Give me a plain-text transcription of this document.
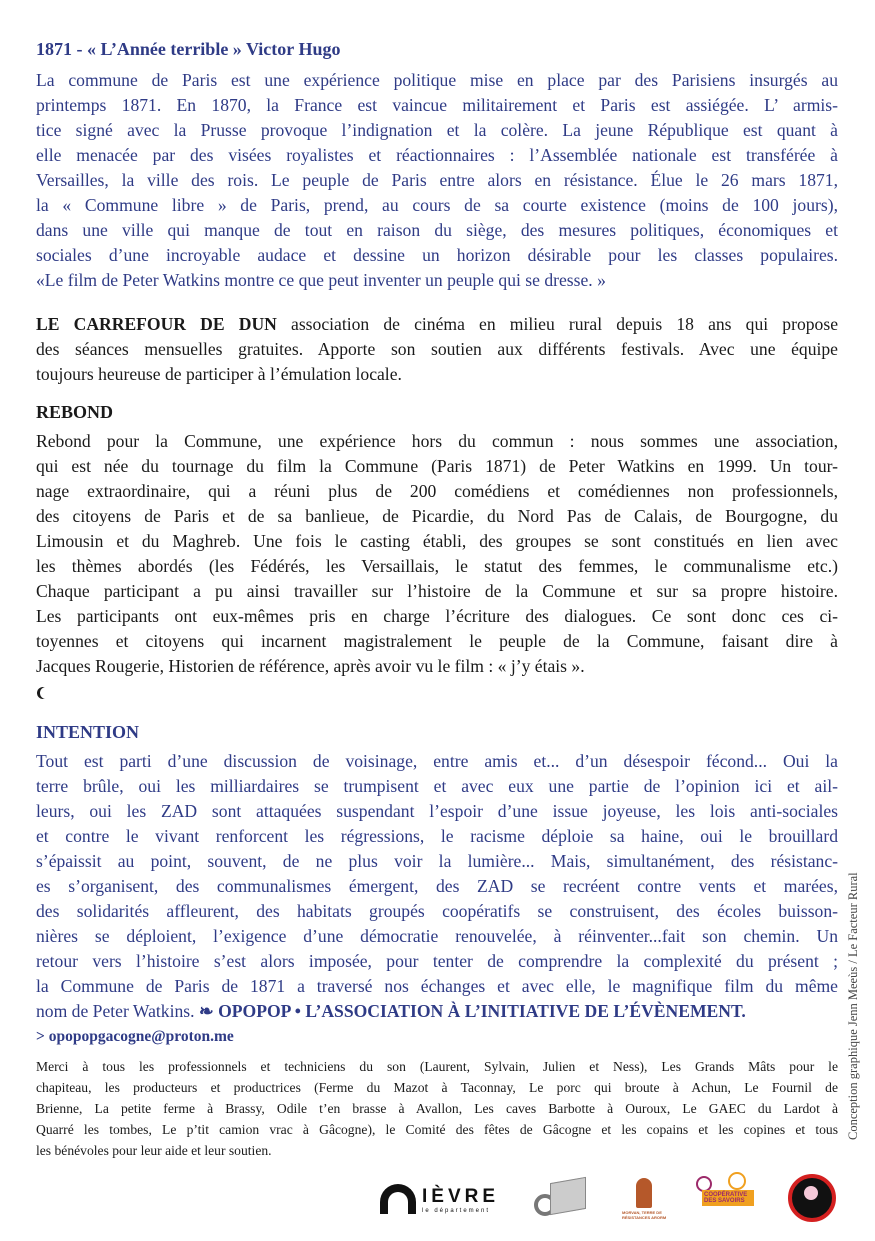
1871 - « L’Année terrible » Victor Hugo
La commune de Paris est une expérience politique mise en place par des Parisiens insurgés au
printemps 1871. En 1870, la France est vaincue militairement et Paris est assiégée. L’ armis-
tice signé avec la Prusse provoque l’indignation et la colère. La jeune République est quant à
elle menacée par des visées royalistes et réactionnaires : l’Assemblée nationale est transférée à
Versailles, la ville des rois. Le peuple de Paris entre alors en résistance. Élue le 26 mars 1871,
la « Commune libre » de Paris, prend, au cours de sa courte existence (moins de 100 jours),
dans une ville qui manque de tout en raison du siège, des mesures politiques, économiques et
sociales d’une incroyable audace et dessine un horizon désirable pour les classes populaires.
«Le film de Peter Watkins montre ce que peut inventer un peuple qui se dresse. »
LE CARREFOUR DE DUN association de cinéma en milieu rural depuis 18 ans qui propose
des séances mensuelles gratuites. Apporte son soutien aux différents festivals. Avec une équipe
toujours heureuse de participer à l’émulation locale.
REBOND
Rebond pour la Commune, une expérience hors du commun : nous sommes une association,
qui est née du tournage du film la Commune (Paris 1871) de Peter Watkins en 1999. Un tour-
nage extraordinaire, qui a réuni plus de 200 comédiens et comédiennes non professionnels,
des citoyens de Paris et de sa banlieue, de Picardie, du Nord Pas de Calais, de Bourgogne, du
Limousin et du Maghreb. Une fois le casting établi, des groupes se sont constitués en lien avec
les thèmes abordés (les Fédérés, les Versaillais, le statut des femmes, le communalisme etc.)
Chaque participant a pu ainsi travailler sur l’histoire de la Commune et sur sa propre histoire.
Les participants ont eux-mêmes pris en charge l’écriture des dialogues. Ce sont donc ces ci-
toyennes et citoyens qui incarnent magistralement le peuple de la Commune, faisant dire à
Jacques Rougerie, Historien de référence, après avoir vu le film : « j’y étais ».
INTENTION
Tout est parti d’une discussion de voisinage, entre amis et... d’un désespoir fécond... Oui la
terre brûle, oui les milliardaires se trumpisent et avec eux une partie de l’opinion ici et ail-
leurs, oui les ZAD sont attaquées suspendant l’espoir d’une issue joyeuse, les lois anti-sociales
et contre le vivant renforcent les régressions, le racisme déploie sa haine, oui le brouillard
s’épaissit au point, souvent, de ne plus voir la lumière... Mais, simultanément, des résistanc-
es s’organisent, des communalismes émergent, des ZAD se recréent contre vents et marées,
des solidarités affleurent, des habitats groupés coopératifs se construisent, des écoles buisson-
nières se déploient, l’exigence d’une démocratie renouvelée, à réinventer...fait son chemin. Un
retour vers l’histoire s’est alors imposée, pour tenter de comprendre la complexité du présent ;
la Commune de Paris de 1871 a traversé nos échanges et avec elle, le magnifique film du même
nom de Peter Watkins. ❧ OPOPOP • L’ASSOCIATION À L’INITIATIVE DE L’ÉVÈNEMENT.
> opopopgacogne@proton.me
Merci à tous les professionnels et techniciens du son (Laurent, Sylvain, Julien et Ness), Les Grands Mâts pour le
chapiteau, les producteurs et productrices (Ferme du Mazot à Taconnay, Le porc qui broute à Achun, Le Fournil de
Brienne, La petite ferme à Brassy, Odile t’en brasse à Avallon, Les caves Barbotte à Ouroux, Le GAEC du Lardot à
Quarré les tombes, Le p’tit camion vrac à Gâcogne), le Comité des fêtes de Gâcogne et les copains et les copines et tous
les bénévoles pour leur aide et leur soutien.
Conception graphique Jenn Meeùs / Le Facteur Rural
IÈVRE
le département	MORVAN, TERRE DE RÉSISTANCES ARORM
COOPÉRATIVE DES SAVOIRS
